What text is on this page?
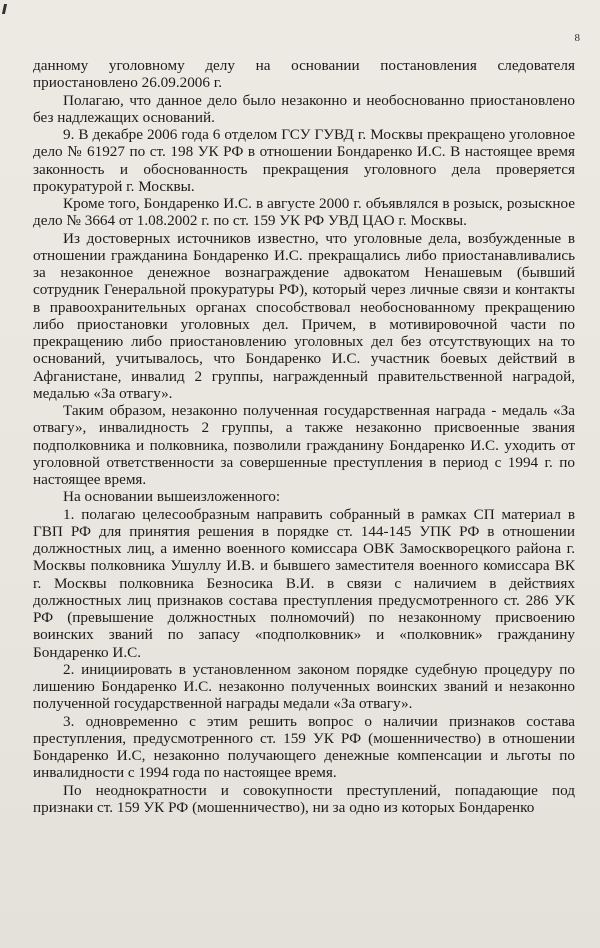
8

данному уголовному делу на основании постановления следователя приостановлено 26.09.2006 г.

Полагаю, что данное дело было незаконно и необоснованно приостановлено без надлежащих оснований.

9. В декабре 2006 года 6 отделом ГСУ ГУВД г. Москвы прекращено уголовное дело № 61927 по ст. 198 УК РФ в отношении Бондаренко И.С. В настоящее время законность и обоснованность прекращения уголовного дела проверяется прокуратурой г. Москвы.

Кроме того, Бондаренко И.С. в августе 2000 г. объявлялся в розыск, розыскное дело № 3664 от 1.08.2002 г. по ст. 159 УК РФ УВД ЦАО г. Москвы.

Из достоверных источников известно, что уголовные дела, возбужденные в отношении гражданина Бондаренко И.С. прекращались либо приостанавливались за незаконное денежное вознаграждение адвокатом Ненашевым (бывший сотрудник Генеральной прокуратуры РФ), который через личные связи и контакты в правоохранительных органах способствовал необоснованному прекращению либо приостановки уголовных дел. Причем, в мотивировочной части по прекращению либо приостановлению уголовных дел без отсутствующих на то оснований, учитывалось, что Бондаренко И.С. участник боевых действий в Афганистане, инвалид 2 группы, награжденный правительственной наградой, медалью «За отвагу».

Таким образом, незаконно полученная государственная награда - медаль «За отвагу», инвалидность 2 группы, а также незаконно присвоенные звания подполковника и полковника, позволили гражданину Бондаренко И.С. уходить от уголовной ответственности за совершенные преступления в период с 1994 г. по настоящее время.

На основании вышеизложенного:

1. полагаю целесообразным направить собранный в рамках СП материал в ГВП РФ для принятия решения в порядке ст. 144-145 УПК РФ в отношении должностных лиц, а именно военного комиссара ОВК Замоскворецкого района г. Москвы полковника Ушуллу И.В. и бывшего заместителя военного комиссара ВК г. Москвы полковника Безносика В.И. в связи с наличием в действиях должностных лиц признаков состава преступления предусмотренного ст. 286 УК РФ (превышение должностных полномочий) по незаконному присвоению воинских званий по запасу «подполковник» и «полковник» гражданину Бондаренко И.С.

2. инициировать в установленном законом порядке судебную процедуру по лишению Бондаренко И.С. незаконно полученных воинских званий и незаконно полученной государственной награды медали «За отвагу».

3. одновременно с этим решить вопрос о наличии признаков состава преступления, предусмотренного ст. 159 УК РФ (мошенничество) в отношении Бондаренко И.С, незаконно получающего денежные компенсации и льготы по инвалидности с 1994 года по настоящее время.

По неоднократности и совокупности преступлений, попадающие под признаки ст. 159 УК РФ (мошенничество), ни за одно из которых Бондаренко
